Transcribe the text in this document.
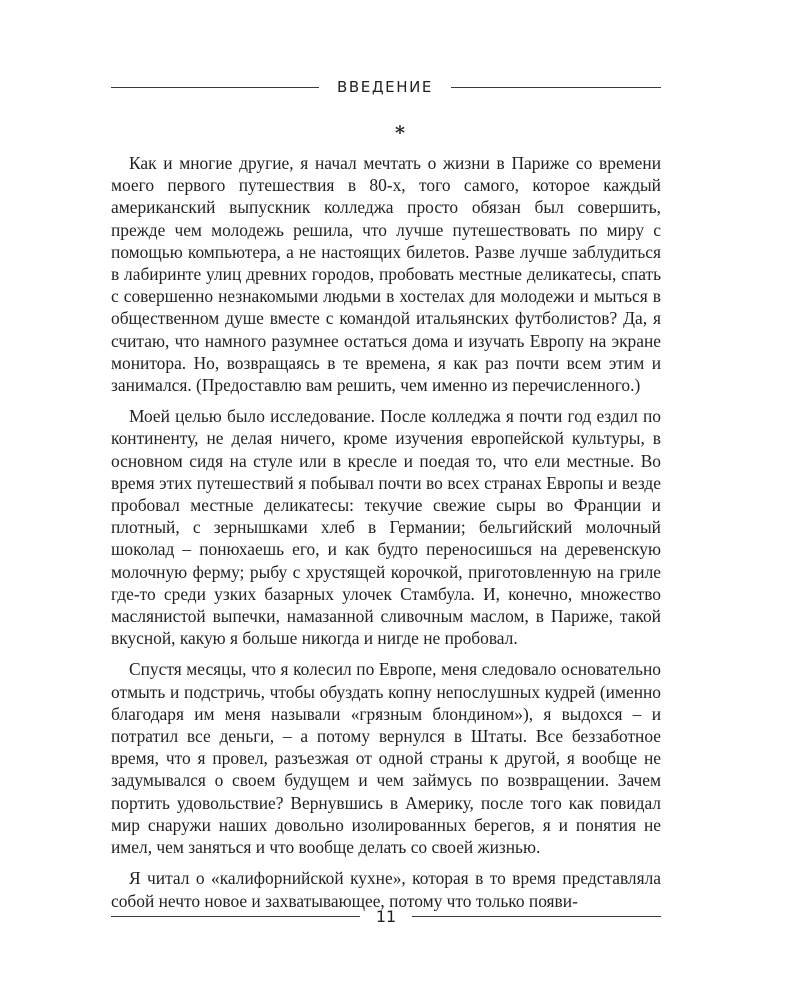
ВВЕДЕНИЕ
*

Как и многие другие, я начал мечтать о жизни в Париже со времени моего первого путешествия в 80-х, того самого, которое каждый американский выпускник колледжа просто обязан был совершить, прежде чем молодежь решила, что лучше путешествовать по миру с помощью компьютера, а не настоящих билетов. Разве лучше заблудиться в лабиринте улиц древних городов, пробовать местные деликатесы, спать с совершенно незнакомыми людьми в хостелах для молодежи и мыться в общественном душе вместе с командой итальянских футболистов? Да, я считаю, что намного разумнее остаться дома и изучать Европу на экране монитора. Но, возвращаясь в те времена, я как раз почти всем этим и занимался. (Предоставлю вам решить, чем именно из перечисленного.)

Моей целью было исследование. После колледжа я почти год ездил по континенту, не делая ничего, кроме изучения европейской культуры, в основном сидя на стуле или в кресле и поедая то, что ели местные. Во время этих путешествий я побывал почти во всех странах Европы и везде пробовал местные деликатесы: текучие свежие сыры во Франции и плотный, с зернышками хлеб в Германии; бельгийский молочный шоколад – понюхаешь его, и как будто переносишься на деревенскую молочную ферму; рыбу с хрустящей корочкой, приготовленную на гриле где-то среди узких базарных улочек Стамбула. И, конечно, множество маслянистой выпечки, намазанной сливочным маслом, в Париже, такой вкусной, какую я больше никогда и нигде не пробовал.

Спустя месяцы, что я колесил по Европе, меня следовало основательно отмыть и подстричь, чтобы обуздать копну непослушных кудрей (именно благодаря им меня называли «грязным блондином»), я выдохся – и потратил все деньги, – а потому вернулся в Штаты. Все беззаботное время, что я провел, разъезжая от одной страны к другой, я вообще не задумывался о своем будущем и чем займусь по возвращении. Зачем портить удовольствие? Вернувшись в Америку, после того как повидал мир снаружи наших довольно изолированных берегов, я и понятия не имел, чем заняться и что вообще делать со своей жизнью.

Я читал о «калифорнийской кухне», которая в то время представляла собой нечто новое и захватывающее, потому что только появи-

11
